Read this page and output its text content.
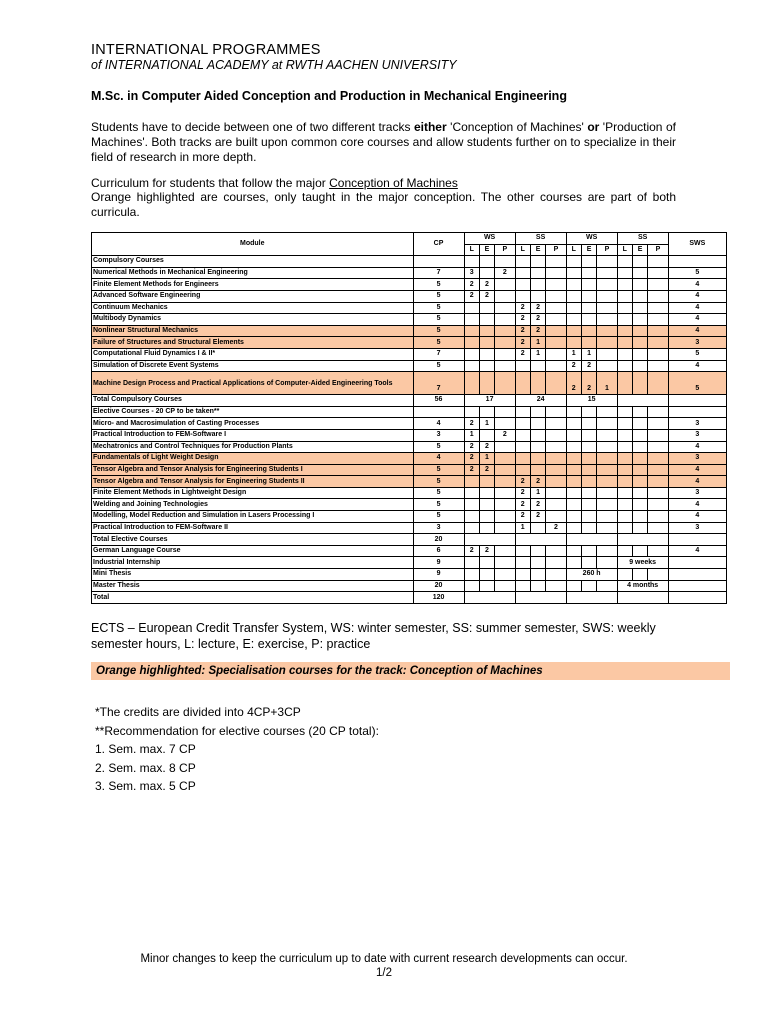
INTERNATIONAL PROGRAMMES
of INTERNATIONAL ACADEMY at RWTH AACHEN UNIVERSITY
M.Sc. in Computer Aided Conception and Production in Mechanical Engineering
Students have to decide between one of two different tracks either 'Conception of Machines' or 'Production of Machines'. Both tracks are built upon common core courses and allow students further on to specialize in their field of research in more depth.
Curriculum for students that follow the major Conception of Machines
Orange highlighted are courses, only taught in the major conception. The other courses are part of both curricula.
Module	CP	WS			SS			WS			SS			SWS
		L	E	P	L	E	P	L	E	P	L	E	P	
Compulsory Courses														
Numerical Methods in Mechanical Engineering	7	3		2										5
Finite Element Methods for Engineers	5	2	2											4
Advanced Software Engineering	5	2	2											4
Continuum Mechanics	5				2	2								4
Multibody Dynamics	5				2	2								4
Nonlinear Structural Mechanics	5				2	2								4
Failure of Structures and Structural Elements	5				2	1								3
Computational Fluid Dynamics I & II*	7				2	1		1	1					5
Simulation of Discrete Event Systems	5							2	2					4
Machine Design Process and Practical Applications of Computer-Aided Engineering Tools	7							2	2	1				5
Total Compulsory Courses	56	17			24			15						
Elective Courses - 20 CP to be taken**														
Micro- and Macrosimulation of Casting Processes	4	2	1											3
Practical Introduction to FEM-Software I	3	1		2										3
Mechatronics and Control Techniques for Production Plants	5	2	2											4
Fundamentals of Light Weight Design	4	2	1											3
Tensor Algebra and Tensor Analysis for Engineering Students I	5	2	2											4
Tensor Algebra and Tensor Analysis for Engineering Students II	5				2	2								4
Finite Element Methods in Lightweight Design	5				2	1								3
Welding and Joining Technologies	5				2	2								4
Modelling, Model Reduction and Simulation in Lasers Processing I	5				2	2								4
Practical Introduction to FEM-Software II	3				1		2							3
Total Elective Courses	20													
German Language Course	6	2	2											4
Industrial Internship	9										9 weeks			
Mini Thesis	9							260 h						
Master Thesis	20										4 months			
Total	120													
ECTS – European Credit Transfer System, WS: winter semester, SS: summer semester, SWS: weekly semester hours, L: lecture, E: exercise, P: practice
Orange highlighted: Specialisation courses for the track: Conception of Machines
*The credits are divided into 4CP+3CP
**Recommendation for elective courses (20 CP total):
1. Sem. max. 7 CP
2. Sem. max. 8 CP
3. Sem. max. 5 CP
Minor changes to keep the curriculum up to date with current research developments can occur.
1/2
